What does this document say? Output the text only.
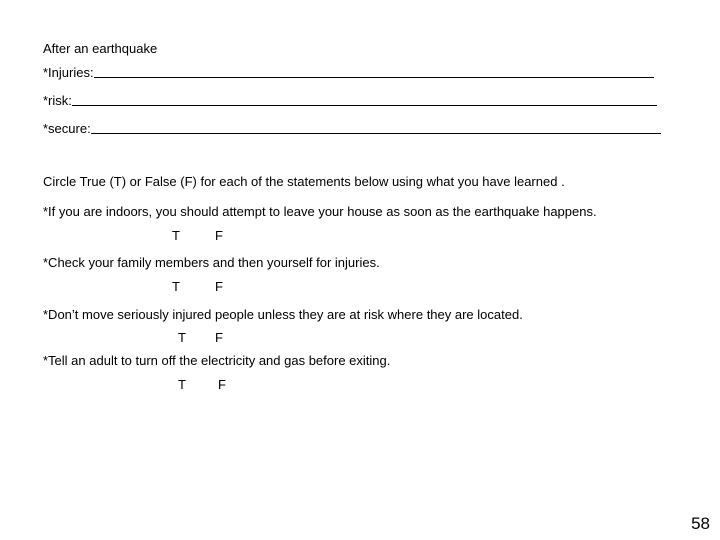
After an earthquake
*Injuries:
*risk:
*secure:
Circle True (T) or False (F) for each of the statements below using what you have learned .
*If you are indoors, you should attempt to leave your house as soon as the earthquake happens.
T	F
*Check your family members and then yourself for injuries.
T	F
*Don’t move seriously injured people unless they are at risk where they are located.
T F
*Tell an adult to turn off the electricity and gas before exiting.
T F
58
